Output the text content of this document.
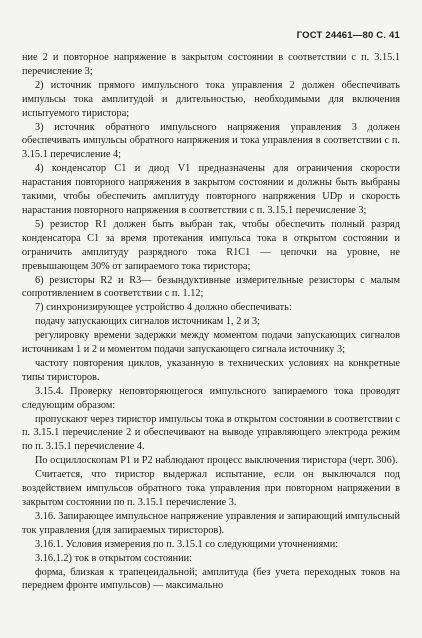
ГОСТ 24461—80 С. 41

ние 2 и повторное напряжение в закрытом состоянии в соответствии с п. 3.15.1 перечисление 3;

2) источник прямого импульсного тока управления 2 должен обеспечивать импульсы тока амплитудой и длительностью, необходимыми для включения испытуемого тиристора;

3) источник обратного импульсного напряжения управления 3 должен обеспечивать импульсы обратного напряжения и тока управления в соответствии с п. 3.15.1 перечисление 4;

4) конденсатор С1 и диод V1 предназначены для ограничения скорости нарастания повторного напряжения в закрытом состоянии и должны быть выбраны такими, чтобы обеспечить амплитуду повторного напряжения UDp и скорость нарастания повторного напряжения в соответствии с п. 3.15.1 перечисление 3;

5) резистор R1 должен быть выбран так, чтобы обеспечить полный разряд конденсатора С1 за время протекания импульса тока в открытом состоянии и ограничить амплитуду разрядного тока R1С1 — цепочки на уровне, не превышающем 30% от запираемого тока тиристора;

6) резисторы R2 и R3— безындуктивные измерительные резисторы с малым сопротивлением в соответствии с п. 1.12;

7) синхронизирующее устройство 4 должно обеспечивать:

подачу запускающих сигналов источникам 1, 2 и 3;

регулировку времени задержки между моментом подачи запускающих сигналов источникам 1 и 2 и моментом подачи запускающего сигнала источнику 3;

частоту повторения циклов, указанную в технических условиях на конкретные типы тиристоров.

3.15.4. Проверку неповторяющегося импульсного запираемого тока проводят следующим образом:

пропускают через тиристор импульсы тока в открытом состоянии в соответствии с п. 3.15.1 перечисление 2 и обеспечивают на выводе управляющего электрода режим по п. 3.15.1 перечисление 4.

По осциллоскопам Р1 и Р2 наблюдают процесс выключения тиристора (черт. 306).

Считается, что тиристор выдержал испытание, если он выключался под воздействием импульсов обратного тока управления при повторном напряжении в закрытом состоянии по п. 3.15.1 перечисление 3.

3.16. Запирающее импульсное напряжение управления и запирающий импульсный ток управления (для запираемых тиристоров).

3.16.1. Условия измерения по п. 3.15.1 со следующими уточнениями:

3.16.1.2) ток в открытом состоянии:

форма, близкая к трапецеидальной; амплитуда (без учета переходных токов на переднем фронте импульсов) — максимально
